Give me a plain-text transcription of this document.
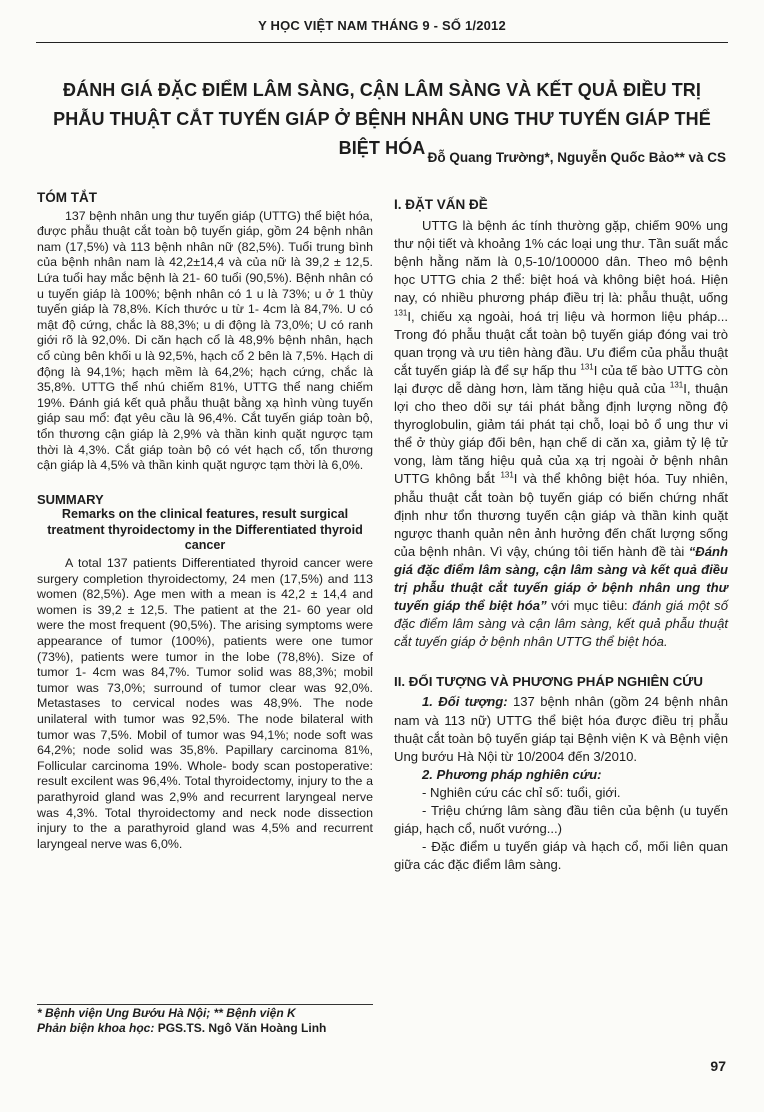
Y HỌC VIỆT NAM THÁNG 9 - SỐ 1/2012
ĐÁNH GIÁ ĐẶC ĐIỂM LÂM SÀNG, CẬN LÂM SÀNG VÀ KẾT QUẢ ĐIỀU TRỊ PHẪU THUẬT CẮT TUYẾN GIÁP Ở BỆNH NHÂN UNG THƯ TUYẾN GIÁP THỂ BIỆT HÓA Đỗ Quang Trường*, Nguyễn Quốc Bảo** và CS

TÓM TẮT

137 bệnh nhân ung thư tuyến giáp (UTTG) thể biệt hóa, được phẫu thuật cắt toàn bộ tuyến giáp, gồm 24 bệnh nhân nam (17,5%) và 113 bệnh nhân nữ (82,5%). Tuổi trung bình của bệnh nhân nam là 42,2±14,4 và của nữ là 39,2 ± 12,5. Lứa tuổi hay mắc bệnh là 21- 60 tuổi (90,5%). Bệnh nhân có u tuyến giáp là 100%; bệnh nhân có 1 u là 73%; u ở 1 thùy tuyến giáp là 78,8%. Kích thước u từ 1- 4cm là 84,7%. U có mật độ cứng, chắc là 88,3%; u di động là 73,0%; U có ranh giới rõ là 92,0%. Di căn hạch cổ là 48,9% bệnh nhân, hạch cổ cùng bên khối u là 92,5%, hạch cổ 2 bên là 7,5%. Hạch di động là 94,1%; hạch mềm là 64,2%; hạch cứng, chắc là 35,8%. UTTG thể nhú chiếm 81%, UTTG thể nang chiếm 19%. Đánh giá kết quả phẫu thuật bằng xạ hình vùng tuyến giáp sau mổ: đạt yêu cầu là 96,4%. Cắt tuyến giáp toàn bộ, tổn thương cận giáp là 2,9% và thần kinh quặt ngược tạm thời là 4,3%. Cắt giáp toàn bộ có vét hạch cổ, tổn thương cận giáp là 4,5% và thần kinh quặt ngược tạm thời là 6,0%.

SUMMARY

Remarks on the clinical features, result surgical treatment thyroidectomy in the Differentiated thyroid cancer

A total 137 patients Differentiated thyroid cancer were surgery completion thyroidectomy, 24 men (17,5%) and 113 women (82,5%). Age men with a mean is 42,2 ± 14,4 and women is 39,2 ± 12,5. The patient at the 21- 60 year old were the most frequent (90,5%). The arising symptoms were appearance of tumor (100%), patients were one tumor (73%), patients were tumor in the lobe (78,8%). Size of tumor 1- 4cm was 84,7%. Tumor solid was 88,3%; mobil tumor was 73,0%; surround of tumor clear was 92,0%. Metastases to cervical nodes was 48,9%. The node unilateral with tumor was 92,5%. The node bilateral with tumor was 7,5%. Mobil of tumor was 94,1%; node soft was 64,2%; node solid was 35,8%. Papillary carcinoma 81%, Follicular carcinoma 19%. Whole- body scan postoperative: result excilent was 96,4%. Total thyroidectomy, injury to the a parathyroid gland was 2,9% and recurrent laryngeal nerve was 4,3%. Total thyroidectomy and neck node dissection injury to the a parathyroid gland was 4,5% and recurrent laryngeal nerve was 6,0%.

* Bệnh viện Ung Bướu Hà Nội; ** Bệnh viện K
Phản biện khoa học: PGS.TS. Ngô Văn Hoàng Linh

I. ĐẶT VẤN ĐỀ

UTTG là bệnh ác tính thường gặp, chiếm 90% ung thư nội tiết và khoảng 1% các loại ung thư. Tần suất mắc bệnh hằng năm là 0,5-10/100000 dân. Theo mô bệnh học UTTG chia 2 thể: biệt hoá và không biệt hoá. Hiện nay, có nhiều phương pháp điều trị là: phẫu thuật, uống $^{131}$I, chiếu xạ ngoài, hoá trị liệu và hormon liệu pháp... Trong đó phẫu thuật cắt toàn bộ tuyến giáp đóng vai trò quan trọng và ưu tiên hàng đầu. Ưu điểm của phẫu thuật cắt tuyến giáp là để sự hấp thu $^{131}$I của tế bào UTTG còn lại được dễ dàng hơn, làm tăng hiệu quả của $^{131}$I, thuận lợi cho theo dõi sự tái phát bằng định lượng nồng độ thyroglobulin, giảm tái phát tại chỗ, loại bỏ ổ ung thư vi thể ở thùy giáp đối bên, hạn chế di căn xa, giảm tỷ lệ tử vong, làm tăng hiệu quả của xạ trị ngoài ở bệnh nhân UTTG không bắt $^{131}$I và thể không biệt hóa. Tuy nhiên, phẫu thuật cắt toàn bộ tuyến giáp có biến chứng nhất định như tổn thương tuyến cận giáp và thần kinh quặt ngược thanh quản nên ảnh hưởng đến chất lượng sống của bệnh nhân. Vì vậy, chúng tôi tiến hành đề tài “Đánh giá đặc điểm lâm sàng, cận lâm sàng và kết quả điều trị phẫu thuật cắt tuyến giáp ở bệnh nhân ung thư tuyến giáp thể biệt hóa” với mục tiêu: đánh giá một số đặc điểm lâm sàng và cận lâm sàng, kết quả phẫu thuật cắt tuyến giáp ở bệnh nhân UTTG thể biệt hóa.

II. ĐỐI TƯỢNG VÀ PHƯƠNG PHÁP NGHIÊN CỨU

1. Đối tượng: 137 bệnh nhân (gồm 24 bệnh nhân nam và 113 nữ) UTTG thể biệt hóa được điều trị phẫu thuật cắt toàn bộ tuyến giáp tại Bệnh viện K và Bệnh viện Ung bướu Hà Nội từ 10/2004 đến 3/2010.

2. Phương pháp nghiên cứu:

- Nghiên cứu các chỉ số: tuổi, giới.

- Triệu chứng lâm sàng đầu tiên của bệnh (u tuyến giáp, hạch cổ, nuốt vướng...)

- Đặc điểm u tuyến giáp và hạch cổ, mối liên quan giữa các đặc điểm lâm sàng.

97
